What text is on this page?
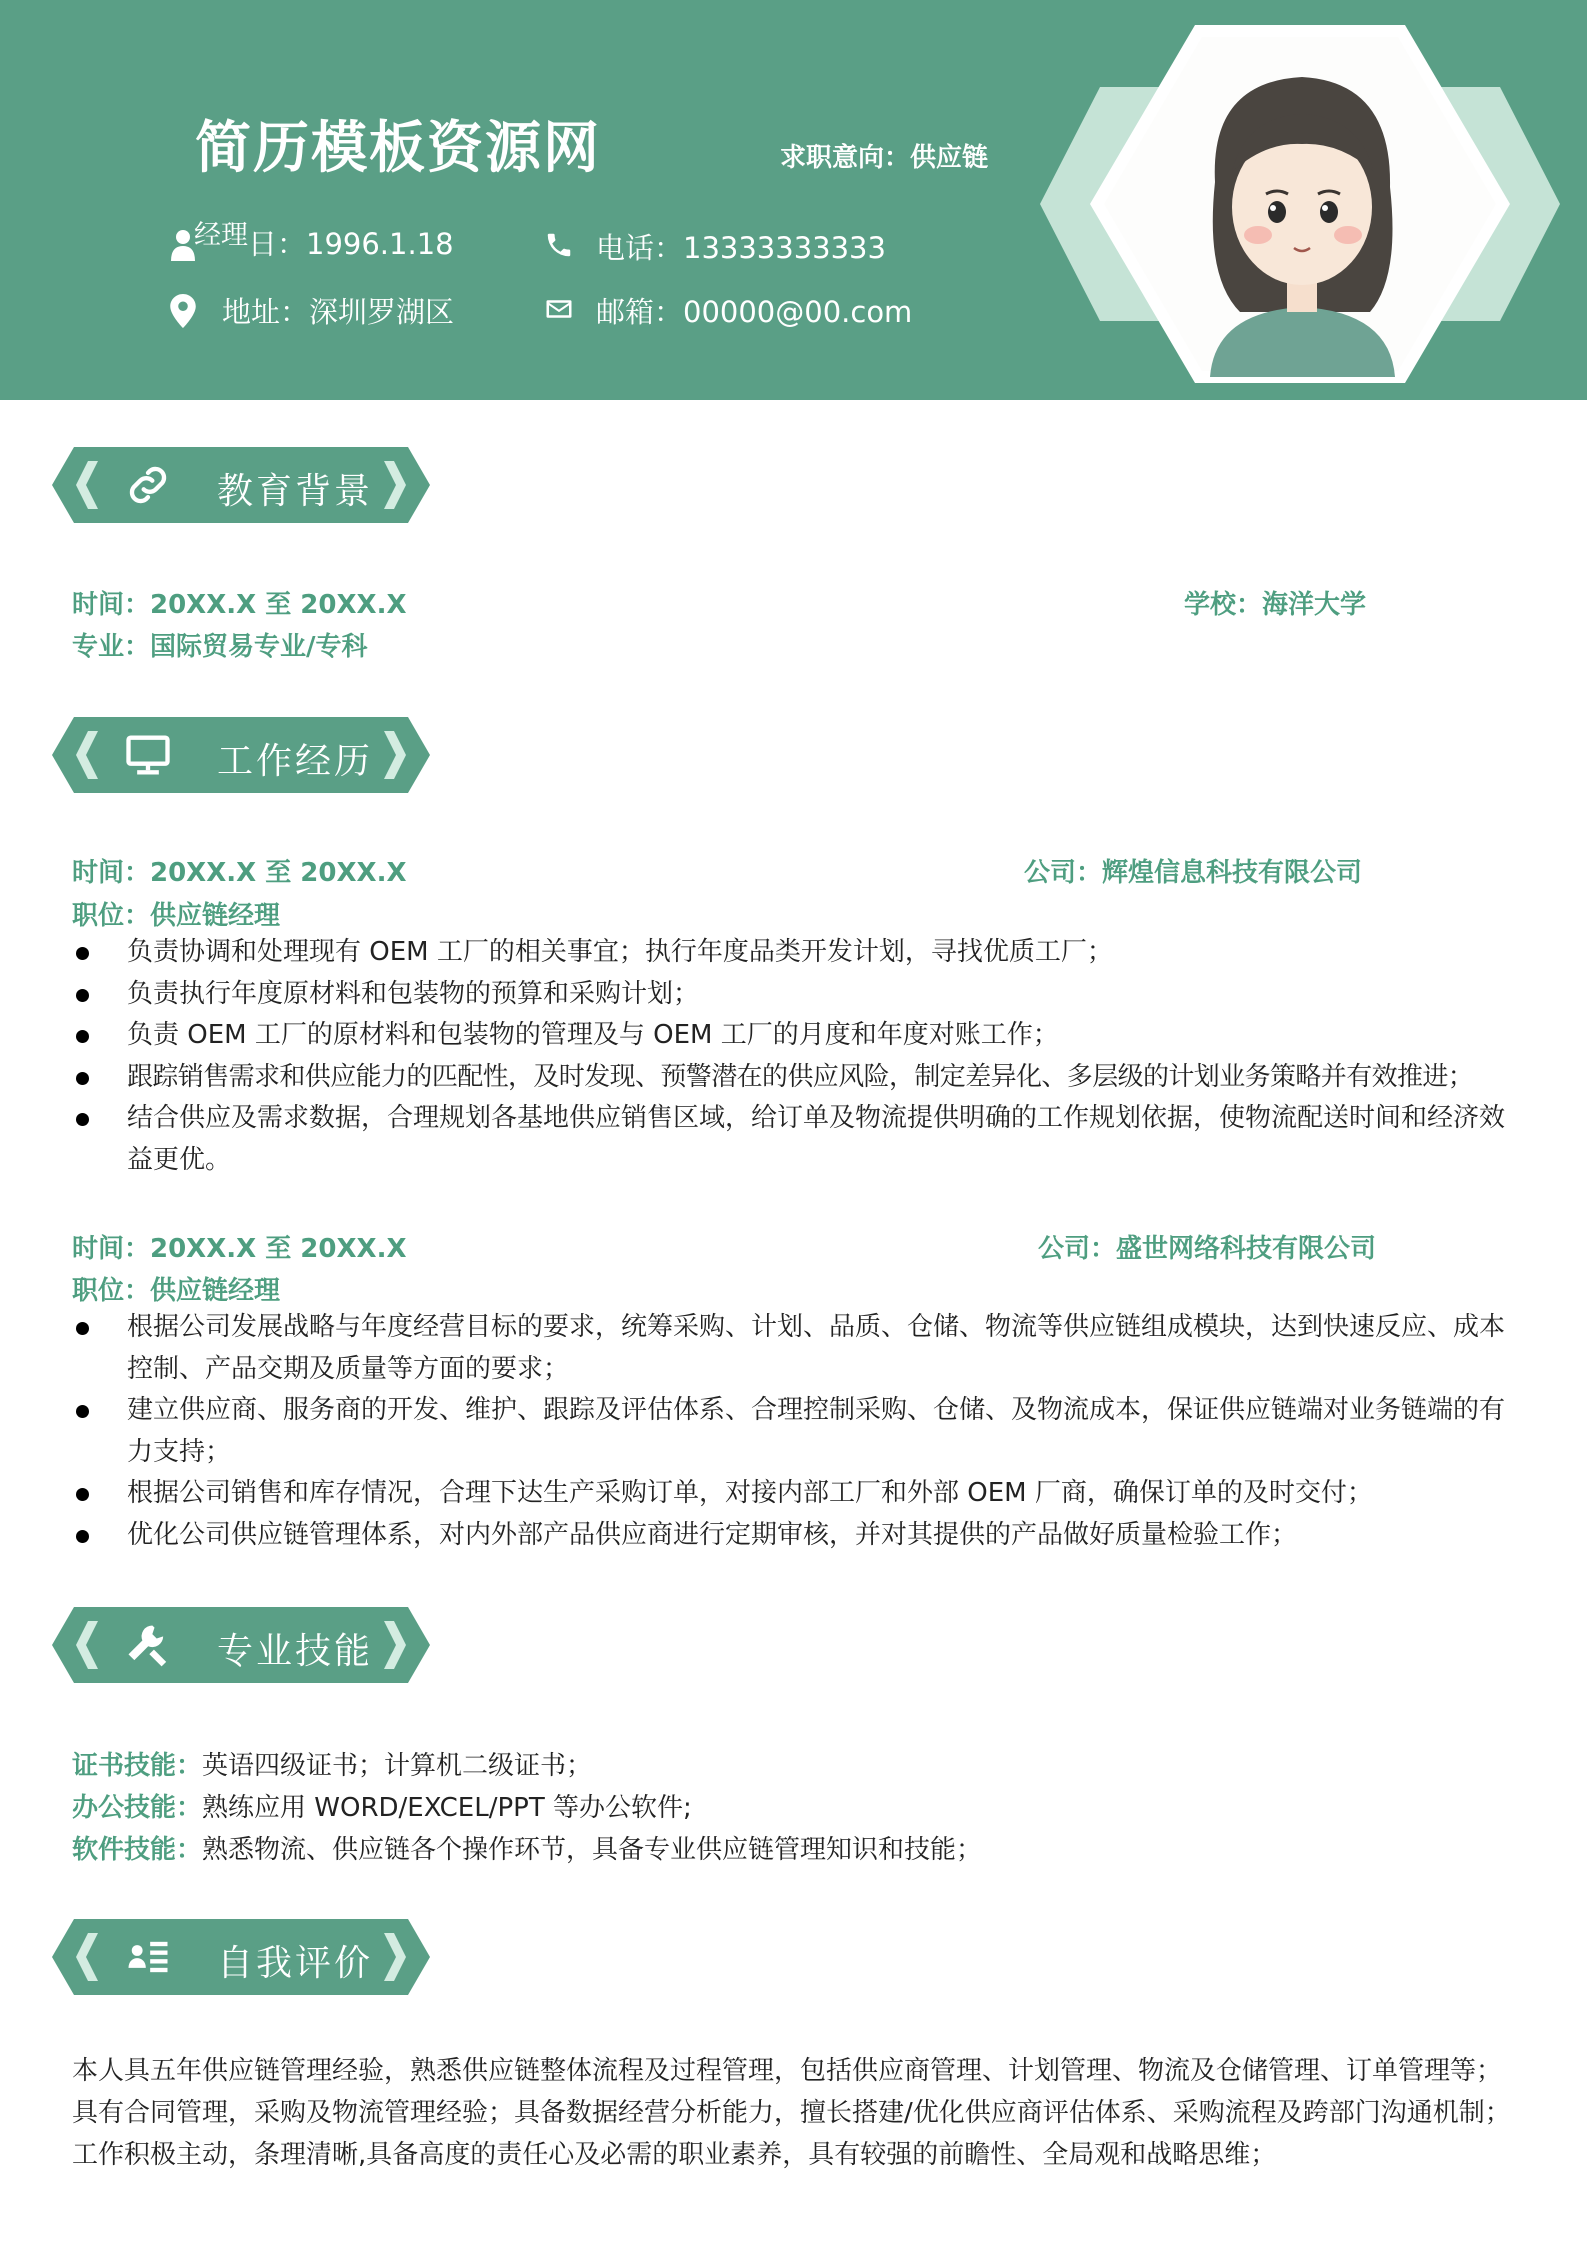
简历模板资源网	求职意向：供应链
经理 日：1996.1.18	电话：13333333333
地址：深圳罗湖区	邮箱：00000@00.com
教育背景
时间：20XX.X 至 20XX.X	学校：海洋大学
专业：国际贸易专业/专科
工作经历
时间：20XX.X 至 20XX.X	公司：辉煌信息科技有限公司
职位：供应链经理
负责协调和处理现有 OEM 工厂的相关事宜；执行年度品类开发计划，寻找优质工厂；
负责执行年度原材料和包装物的预算和采购计划；
负责 OEM 工厂的原材料和包装物的管理及与 OEM 工厂的月度和年度对账工作；
跟踪销售需求和供应能力的匹配性，及时发现、预警潜在的供应风险，制定差异化、多层级的计划业务策略并有效推进；
结合供应及需求数据，合理规划各基地供应销售区域，给订单及物流提供明确的工作规划依据，使物流配送时间和经济效益更优。
时间：20XX.X 至 20XX.X	公司：盛世网络科技有限公司
职位：供应链经理
根据公司发展战略与年度经营目标的要求，统筹采购、计划、品质、仓储、物流等供应链组成模块，达到快速反应、成本控制、产品交期及质量等方面的要求；
建立供应商、服务商的开发、维护、跟踪及评估体系、合理控制采购、仓储、及物流成本，保证供应链端对业务链端的有力支持；
根据公司销售和库存情况，合理下达生产采购订单，对接内部工厂和外部 OEM 厂商，确保订单的及时交付；
优化公司供应链管理体系，对内外部产品供应商进行定期审核，并对其提供的产品做好质量检验工作；
专业技能
证书技能：英语四级证书；计算机二级证书；
办公技能：熟练应用 WORD/EXCEL/PPT 等办公软件;
软件技能：熟悉物流、供应链各个操作环节，具备专业供应链管理知识和技能；
自我评价
本人具五年供应链管理经验，熟悉供应链整体流程及过程管理，包括供应商管理、计划管理、物流及仓储管理、订单管理等；具有合同管理，采购及物流管理经验；具备数据经营分析能力，擅长搭建/优化供应商评估体系、采购流程及跨部门沟通机制；工作积极主动，条理清晰,具备高度的责任心及必需的职业素养，具有较强的前瞻性、全局观和战略思维；
